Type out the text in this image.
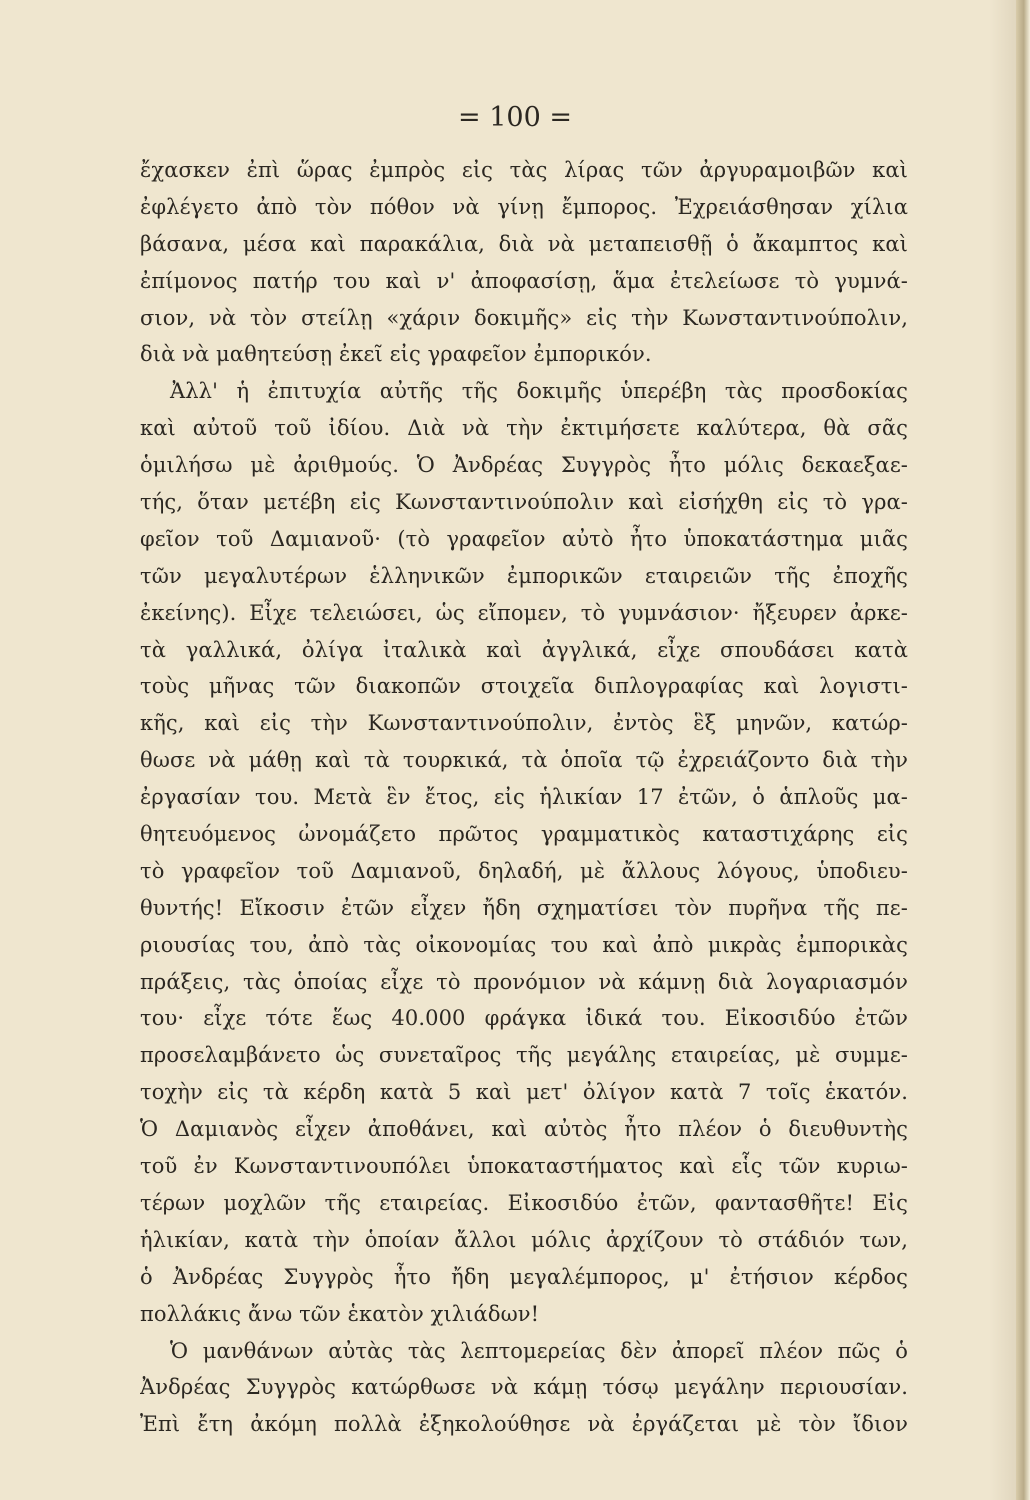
= 100 =
ἔχασκεν ἐπὶ ὥρας ἐμπρὸς εἰς τὰς λίρας τῶν ἀργυραμοιβῶν καὶ
ἐφλέγετο ἀπὸ τὸν πόθον νὰ γίνῃ ἔμπορος. Ἐχρειάσθησαν χίλια
βάσανα, μέσα καὶ παρακάλια, διὰ νὰ μεταπεισθῇ ὁ ἄκαμπτος καὶ
ἐπίμονος πατήρ του καὶ ν' ἀποφασίσῃ, ἅμα ἐτελείωσε τὸ γυμνά-
σιον, νὰ τὸν στείλῃ «χάριν δοκιμῆς» εἰς τὴν Κωνσταντινούπολιν,
διὰ νὰ μαθητεύσῃ ἐκεῖ εἰς γραφεῖον ἐμπορικόν.
Ἀλλ' ἡ ἐπιτυχία αὐτῆς τῆς δοκιμῆς ὑπερέβη τὰς προσδοκίας
καὶ αὐτοῦ τοῦ ἰδίου. Διὰ νὰ τὴν ἐκτιμήσετε καλύτερα, θὰ σᾶς
ὁμιλήσω μὲ ἀριθμούς. Ὁ Ἀνδρέας Συγγρὸς ἦτο μόλις δεκαεξαε-
τής, ὅταν μετέβη εἰς Κωνσταντινούπολιν καὶ εἰσήχθη εἰς τὸ γρα-
φεῖον τοῦ Δαμιανοῦ· (τὸ γραφεῖον αὐτὸ ἦτο ὑποκατάστημα μιᾶς
τῶν μεγαλυτέρων ἑλληνικῶν ἐμπορικῶν εταιρειῶν τῆς ἐποχῆς
ἐκείνης). Εἶχε τελειώσει, ὡς εἴπομεν, τὸ γυμνάσιον· ἤξευρεν ἀρκε-
τὰ γαλλικά, ὀλίγα ἰταλικὰ καὶ ἀγγλικά, εἶχε σπουδάσει κατὰ
τοὺς μῆνας τῶν διακοπῶν στοιχεῖα διπλογραφίας καὶ λογιστι-
κῆς, καὶ εἰς τὴν Κωνσταντινούπολιν, ἐντὸς ἓξ μηνῶν, κατώρ-
θωσε νὰ μάθῃ καὶ τὰ τουρκικά, τὰ ὁποῖα τῷ ἐχρειάζοντο διὰ τὴν
ἐργασίαν του. Μετὰ ἓν ἔτος, εἰς ἡλικίαν 17 ἐτῶν, ὁ ἁπλοῦς μα-
θητευόμενος ὠνομάζετο πρῶτος γραμματικὸς καταστιχάρης εἰς
τὸ γραφεῖον τοῦ Δαμιανοῦ, δηλαδή, μὲ ἄλλους λόγους, ὑποδιευ-
θυντής! Εἴκοσιν ἐτῶν εἶχεν ἤδη σχηματίσει τὸν πυρῆνα τῆς πε-
ριουσίας του, ἀπὸ τὰς οἰκονομίας του καὶ ἀπὸ μικρὰς ἐμπορικὰς
πράξεις, τὰς ὁποίας εἶχε τὸ προνόμιον νὰ κάμνῃ διὰ λογαριασμόν
του· εἶχε τότε ἕως 40.000 φράγκα ἰδικά του. Εἰκοσιδύο ἐτῶν
προσελαμβάνετο ὡς συνεταῖρος τῆς μεγάλης εταιρείας, μὲ συμμε-
τοχὴν εἰς τὰ κέρδη κατὰ 5 καὶ μετ' ὀλίγον κατὰ 7 τοῖς ἑκατόν.
Ὁ Δαμιανὸς εἶχεν ἀποθάνει, καὶ αὐτὸς ἦτο πλέον ὁ διευθυντὴς
τοῦ ἐν Κωνσταντινουπόλει ὑποκαταστήματος καὶ εἷς τῶν κυριω-
τέρων μοχλῶν τῆς εταιρείας. Εἰκοσιδύο ἐτῶν, φαντασθῆτε! Εἰς
ἡλικίαν, κατὰ τὴν ὁποίαν ἄλλοι μόλις ἀρχίζουν τὸ στάδιόν των,
ὁ Ἀνδρέας Συγγρὸς ἦτο ἤδη μεγαλέμπορος, μ' ἐτήσιον κέρδος
πολλάκις ἄνω τῶν ἑκατὸν χιλιάδων!
Ὁ μανθάνων αὐτὰς τὰς λεπτομερείας δὲν ἀπορεῖ πλέον πῶς ὁ
Ἀνδρέας Συγγρὸς κατώρθωσε νὰ κάμῃ τόσῳ μεγάλην περιουσίαν.
Ἐπὶ ἔτη ἀκόμη πολλὰ ἐξηκολούθησε νὰ ἐργάζεται μὲ τὸν ἴδιον
